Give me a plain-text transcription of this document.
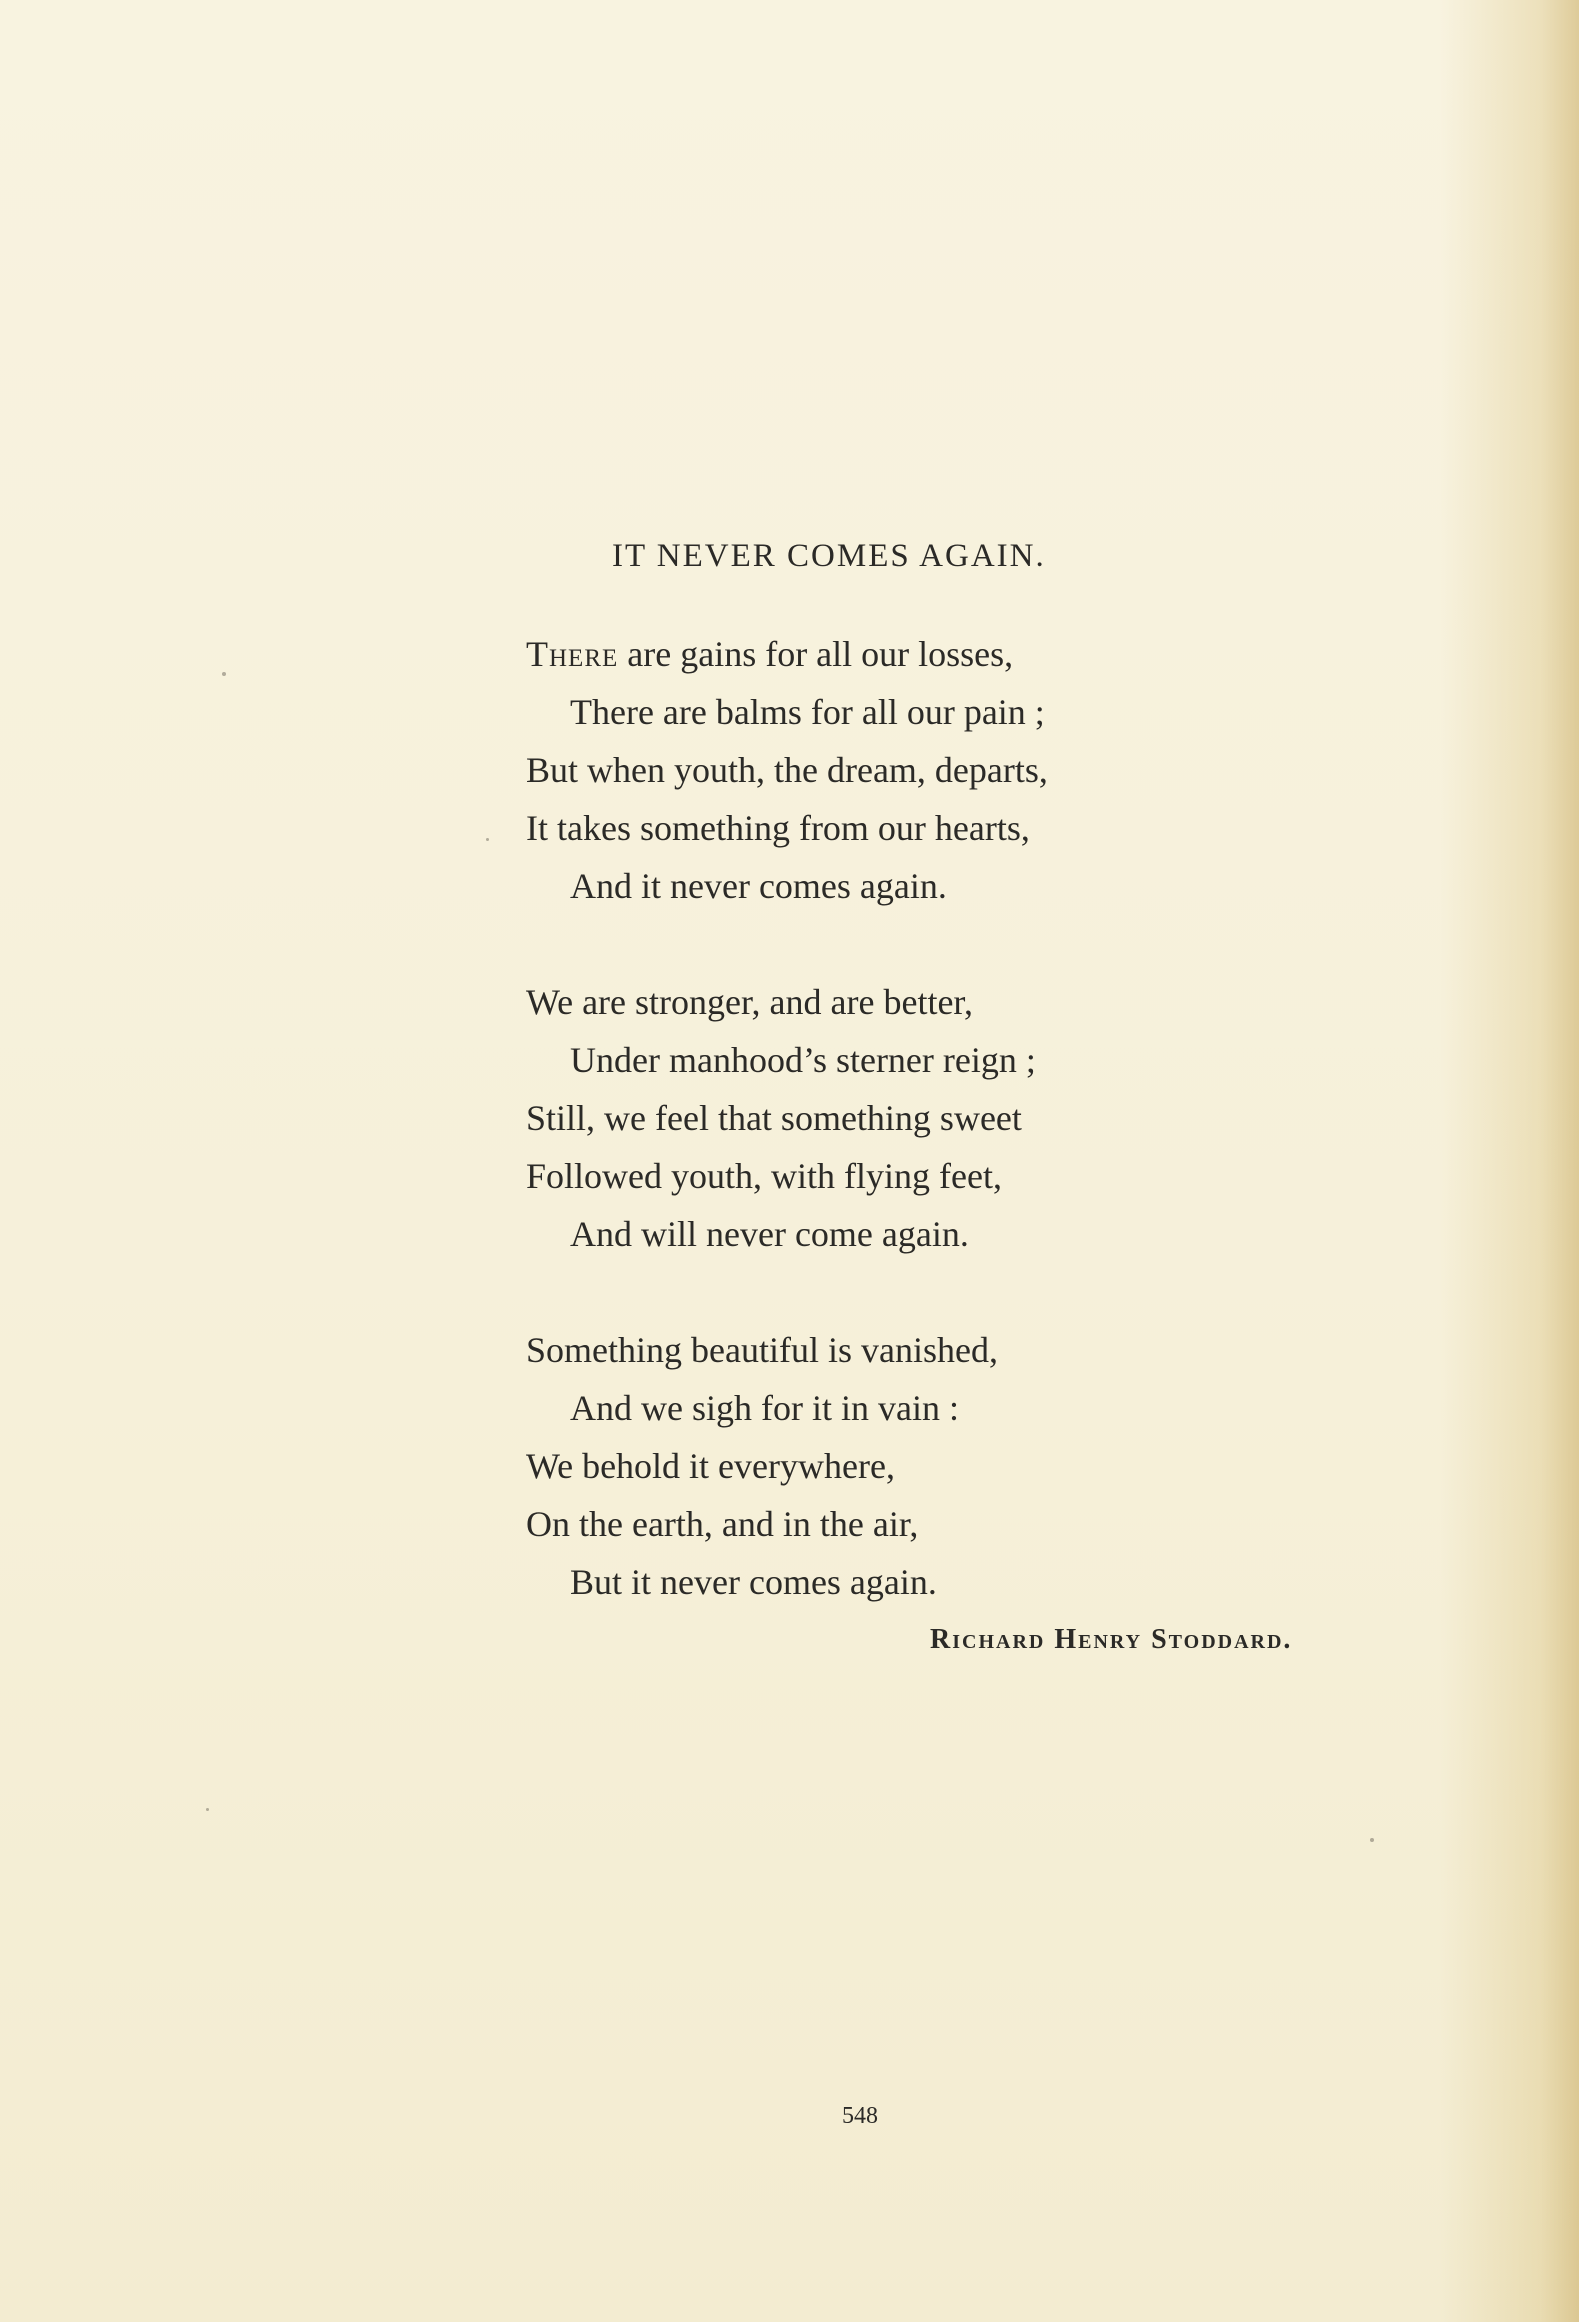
IT NEVER COMES AGAIN.
There are gains for all our losses,
There are balms for all our pain ;
But when youth, the dream, departs,
It takes something from our hearts,
And it never comes again.
We are stronger, and are better,
Under manhood’s sterner reign ;
Still, we feel that something sweet
Followed youth, with flying feet,
And will never come again.
Something beautiful is vanished,
And we sigh for it in vain :
We behold it everywhere,
On the earth, and in the air,
But it never comes again.
Richard Henry Stoddard.
548
